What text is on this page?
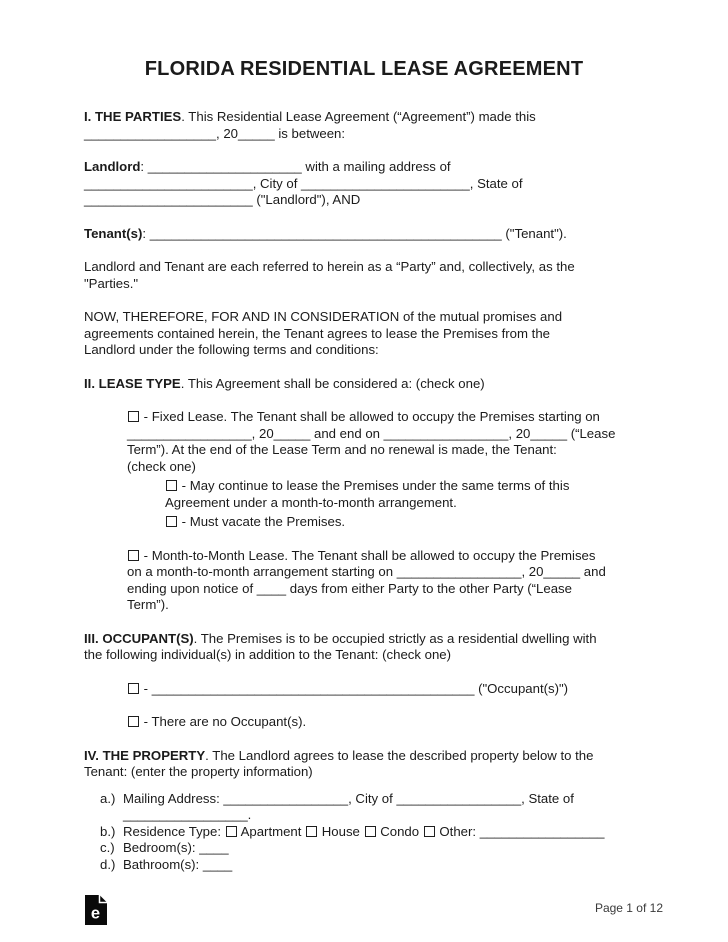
FLORIDA RESIDENTIAL LEASE AGREEMENT
I. THE PARTIES. This Residential Lease Agreement (“Agreement”) made this
__________________, 20_____ is between:
Landlord: _____________________ with a mailing address of
_______________________, City of _______________________, State of
_______________________ ("Landlord"), AND
Tenant(s): ________________________________________________ ("Tenant").
Landlord and Tenant are each referred to herein as a “Party” and, collectively, as the
"Parties."
NOW, THEREFORE, FOR AND IN CONSIDERATION of the mutual promises and
agreements contained herein, the Tenant agrees to lease the Premises from the
Landlord under the following terms and conditions:
II. LEASE TYPE. This Agreement shall be considered a: (check one)
- Fixed Lease. The Tenant shall be allowed to occupy the Premises starting on
_________________, 20_____ and end on _________________, 20_____ (“Lease
Term”). At the end of the Lease Term and no renewal is made, the Tenant:
(check one)
- May continue to lease the Premises under the same terms of this
Agreement under a month-to-month arrangement.
- Must vacate the Premises.
- Month-to-Month Lease. The Tenant shall be allowed to occupy the Premises
on a month-to-month arrangement starting on _________________, 20_____ and
ending upon notice of ____ days from either Party to the other Party (“Lease
Term”).
III. OCCUPANT(S). The Premises is to be occupied strictly as a residential dwelling with
the following individual(s) in addition to the Tenant: (check one)
- ____________________________________________ ("Occupant(s)")
- There are no Occupant(s).
IV. THE PROPERTY. The Landlord agrees to lease the described property below to the
Tenant: (enter the property information)
a.) Mailing Address: _________________, City of _________________, State of
_________________.
b.) Residence Type:  Apartment  House  Condo  Other: _________________
c.) Bedroom(s): ____
d.) Bathroom(s): ____
e	Page 1 of 12
